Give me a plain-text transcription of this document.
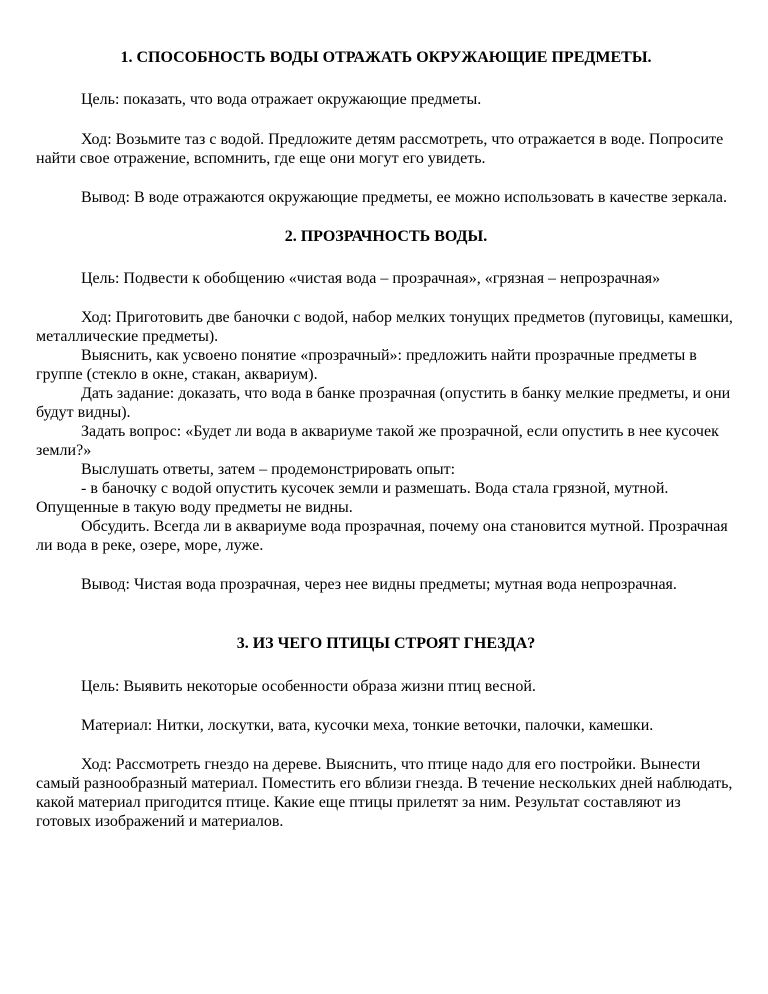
1. СПОСОБНОСТЬ ВОДЫ ОТРАЖАТЬ ОКРУЖАЮЩИЕ ПРЕДМЕТЫ.

Цель: показать, что вода отражает окружающие предметы.

Ход: Возьмите таз с водой. Предложите детям рассмотреть, что отражается в воде. Попросите найти свое отражение, вспомнить, где еще они могут его увидеть.

Вывод: В воде отражаются окружающие предметы, ее можно использовать в качестве зеркала.

2. ПРОЗРАЧНОСТЬ ВОДЫ.

Цель: Подвести к обобщению «чистая вода – прозрачная», «грязная – непрозрачная»

Ход: Приготовить две баночки с водой, набор мелких тонущих предметов (пуговицы, камешки, металлические предметы).

Выяснить, как усвоено понятие «прозрачный»: предложить найти прозрачные предметы в группе (стекло в окне, стакан, аквариум).

Дать задание: доказать, что вода в банке прозрачная (опустить в банку мелкие предметы, и они будут видны).

Задать вопрос: «Будет ли вода в аквариуме такой же прозрачной, если опустить в нее кусочек земли?»

Выслушать ответы, затем – продемонстрировать опыт:

- в баночку с водой опустить кусочек земли и размешать. Вода стала грязной, мутной. Опущенные в такую воду предметы не видны.

Обсудить. Всегда ли в аквариуме вода прозрачная, почему она становится мутной. Прозрачная ли вода в реке, озере, море, луже.

Вывод: Чистая вода прозрачная, через нее видны предметы; мутная вода непрозрачная.

3. ИЗ ЧЕГО ПТИЦЫ СТРОЯТ ГНЕЗДА?

Цель: Выявить некоторые особенности образа жизни птиц весной.

Материал: Нитки, лоскутки, вата, кусочки меха, тонкие веточки, палочки, камешки.

Ход: Рассмотреть гнездо на дереве. Выяснить, что птице надо для его постройки. Вынести самый разнообразный материал. Поместить его вблизи гнезда. В течение нескольких дней наблюдать, какой материал пригодится птице. Какие еще птицы прилетят за ним. Результат составляют из готовых изображений и материалов.
